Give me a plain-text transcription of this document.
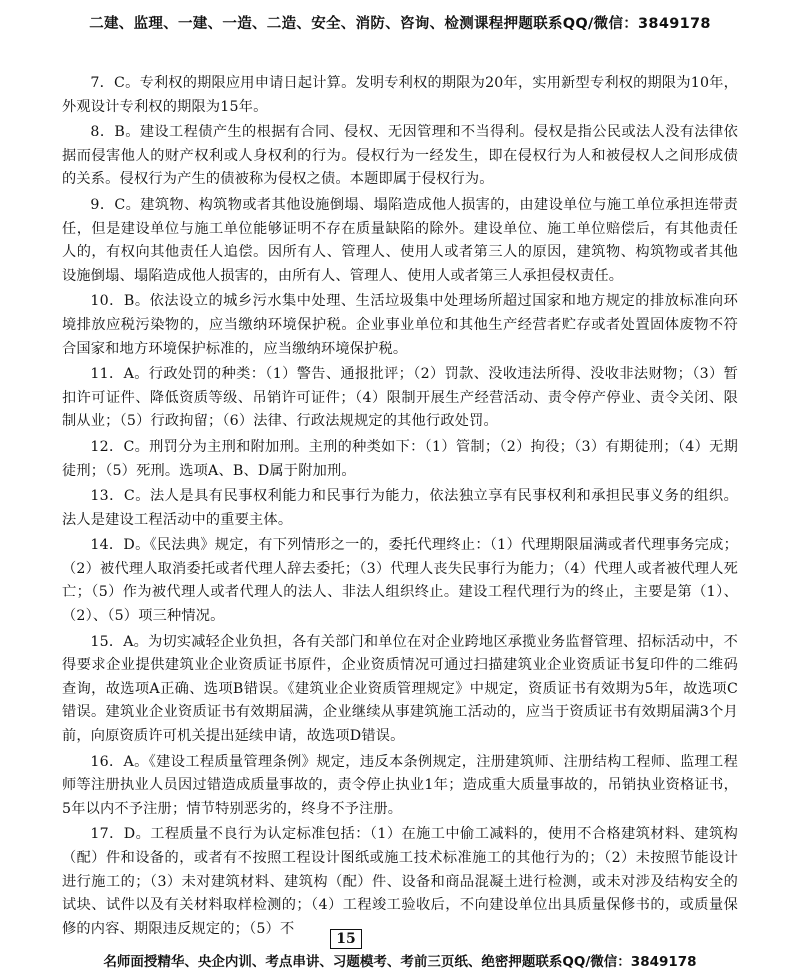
二建、监理、一建、一造、二造、安全、消防、咨询、检测课程押题联系QQ/微信：3849178

7．C。专利权的期限应用申请日起计算。发明专利权的期限为20年，实用新型专利权的期限为10年，外观设计专利权的期限为15年。

8．B。建设工程债产生的根据有合同、侵权、无因管理和不当得利。侵权是指公民或法人没有法律依据而侵害他人的财产权利或人身权利的行为。侵权行为一经发生，即在侵权行为人和被侵权人之间形成债的关系。侵权行为产生的债被称为侵权之债。本题即属于侵权行为。

9．C。建筑物、构筑物或者其他设施倒塌、塌陷造成他人损害的，由建设单位与施工单位承担连带责任，但是建设单位与施工单位能够证明不存在质量缺陷的除外。建设单位、施工单位赔偿后，有其他责任人的，有权向其他责任人追偿。因所有人、管理人、使用人或者第三人的原因，建筑物、构筑物或者其他设施倒塌、塌陷造成他人损害的，由所有人、管理人、使用人或者第三人承担侵权责任。

10．B。依法设立的城乡污水集中处理、生活垃圾集中处理场所超过国家和地方规定的排放标准向环境排放应税污染物的，应当缴纳环境保护税。企业事业单位和其他生产经营者贮存或者处置固体废物不符合国家和地方环境保护标准的，应当缴纳环境保护税。

11．A。行政处罚的种类：（1）警告、通报批评；（2）罚款、没收违法所得、没收非法财物；（3）暂扣许可证件、降低资质等级、吊销许可证件；（4）限制开展生产经营活动、责令停产停业、责令关闭、限制从业；（5）行政拘留；（6）法律、行政法规规定的其他行政处罚。

12．C。刑罚分为主刑和附加刑。主刑的种类如下：（1）管制；（2）拘役；（3）有期徒刑；（4）无期徒刑；（5）死刑。选项A、B、D属于附加刑。

13．C。法人是具有民事权利能力和民事行为能力，依法独立享有民事权利和承担民事义务的组织。法人是建设工程活动中的重要主体。

14．D。《民法典》规定，有下列情形之一的，委托代理终止：（1）代理期限届满或者代理事务完成；（2）被代理人取消委托或者代理人辞去委托；（3）代理人丧失民事行为能力；（4）代理人或者被代理人死亡；（5）作为被代理人或者代理人的法人、非法人组织终止。建设工程代理行为的终止，主要是第（1）、（2）、（5）项三种情况。

15．A。为切实减轻企业负担，各有关部门和单位在对企业跨地区承揽业务监督管理、招标活动中，不得要求企业提供建筑业企业资质证书原件，企业资质情况可通过扫描建筑业企业资质证书复印件的二维码查询，故选项A正确、选项B错误。《建筑业企业资质管理规定》中规定，资质证书有效期为5年，故选项C错误。建筑业企业资质证书有效期届满，企业继续从事建筑施工活动的，应当于资质证书有效期届满3个月前，向原资质许可机关提出延续申请，故选项D错误。

16．A。《建设工程质量管理条例》规定，违反本条例规定，注册建筑师、注册结构工程师、监理工程师等注册执业人员因过错造成质量事故的，责令停止执业1年；造成重大质量事故的，吊销执业资格证书，5年以内不予注册；情节特别恶劣的，终身不予注册。

17．D。工程质量不良行为认定标准包括：（1）在施工中偷工减料的，使用不合格建筑材料、建筑构（配）件和设备的，或者有不按照工程设计图纸或施工技术标准施工的其他行为的；（2）未按照节能设计进行施工的；（3）未对建筑材料、建筑构（配）件、设备和商品混凝土进行检测，或未对涉及结构安全的试块、试件以及有关材料取样检测的；（4）工程竣工验收后，不向建设单位出具质量保修书的，或质量保修的内容、期限违反规定的；（5）不

15
名师面授精华、央企内训、考点串讲、习题模考、考前三页纸、绝密押题联系QQ/微信：3849178
